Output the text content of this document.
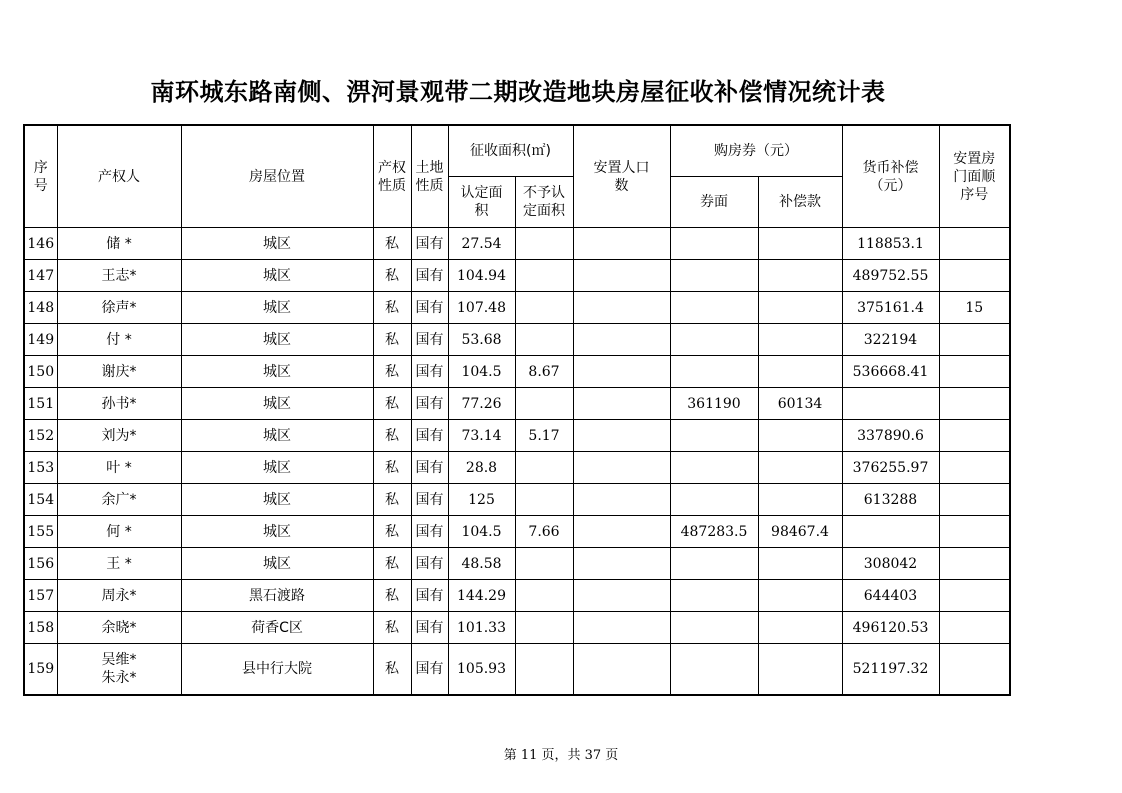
南环城东路南侧、淠河景观带二期改造地块房屋征收补偿情况统计表
序号	产权人	房屋位置	产权性质	土地性质	征收面积(㎡)		安置人口数	购房券（元）		货币补偿（元）	安置房门面顺序号
					认定面积	不予认定面积		券面	补偿款		
146	储 *	城区	私	国有	27.54					118853.1	
147	王志*	城区	私	国有	104.94					489752.55	
148	徐声*	城区	私	国有	107.48					375161.4	15
149	付 *	城区	私	国有	53.68					322194	
150	谢庆*	城区	私	国有	104.5	8.67				536668.41	
151	孙书*	城区	私	国有	77.26			361190	60134		
152	刘为*	城区	私	国有	73.14	5.17				337890.6	
153	叶 *	城区	私	国有	28.8					376255.97	
154	余广*	城区	私	国有	125					613288	
155	何 *	城区	私	国有	104.5	7.66		487283.5	98467.4		
156	王 *	城区	私	国有	48.58					308042	
157	周永*	黑石渡路	私	国有	144.29					644403	
158	余晓*	荷香C区	私	国有	101.33					496120.53	
159	吴维*
朱永*	县中行大院	私	国有	105.93					521197.32	
第 11 页，共 37 页
